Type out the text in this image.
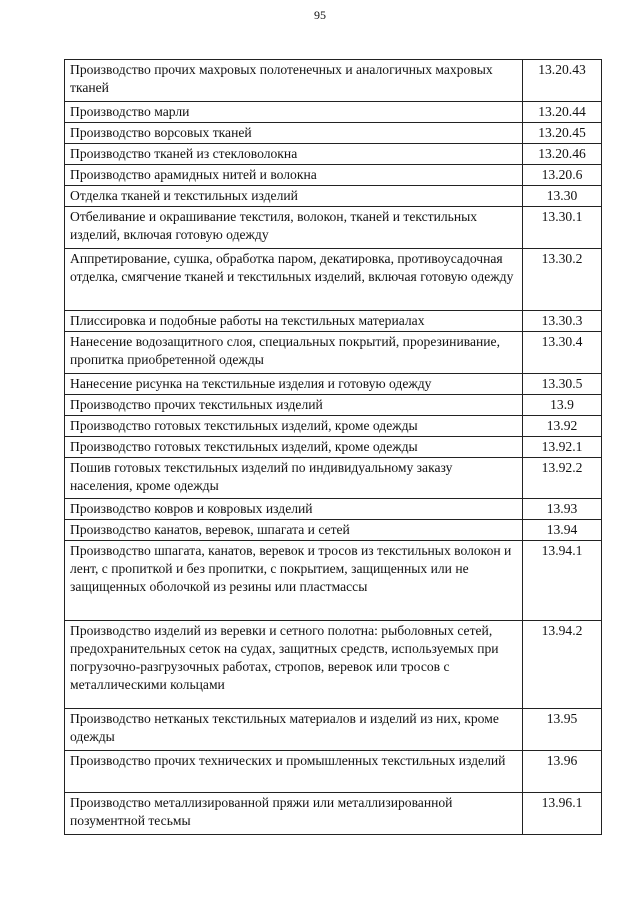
95
Производство прочих махровых полотенечных и аналогичных махровых тканей	13.20.43
Производство марли	13.20.44
Производство ворсовых тканей	13.20.45
Производство тканей из стекловолокна	13.20.46
Производство арамидных нитей и волокна	13.20.6
Отделка тканей и текстильных изделий	13.30
Отбеливание и окрашивание текстиля, волокон, тканей и текстильных изделий, включая готовую одежду	13.30.1
Аппретирование, сушка, обработка паром, декатировка, противоусадочная отделка, смягчение тканей и текстильных изделий, включая готовую одежду	13.30.2
Плиссировка и подобные работы на текстильных материалах	13.30.3
Нанесение водозащитного слоя, специальных покрытий, прорезинивание, пропитка приобретенной одежды	13.30.4
Нанесение рисунка на текстильные изделия и готовую одежду	13.30.5
Производство прочих текстильных изделий	13.9
Производство готовых текстильных изделий, кроме одежды	13.92
Производство готовых текстильных изделий, кроме одежды	13.92.1
Пошив готовых текстильных изделий по индивидуальному заказу населения, кроме одежды	13.92.2
Производство ковров и ковровых изделий	13.93
Производство канатов, веревок, шпагата и сетей	13.94
Производство шпагата, канатов, веревок и тросов из текстильных волокон и лент, с пропиткой и без пропитки, с покрытием, защищенных или не защищенных оболочкой из резины или пластмассы	13.94.1
Производство изделий из веревки и сетного полотна: рыболовных сетей, предохранительных сеток на судах, защитных средств, используемых при погрузочно-разгрузочных работах, стропов, веревок или тросов с металлическими кольцами	13.94.2
Производство нетканых текстильных материалов и изделий из них, кроме одежды	13.95
Производство прочих технических и промышленных текстильных изделий	13.96
Производство металлизированной пряжи или металлизированной позументной тесьмы	13.96.1
